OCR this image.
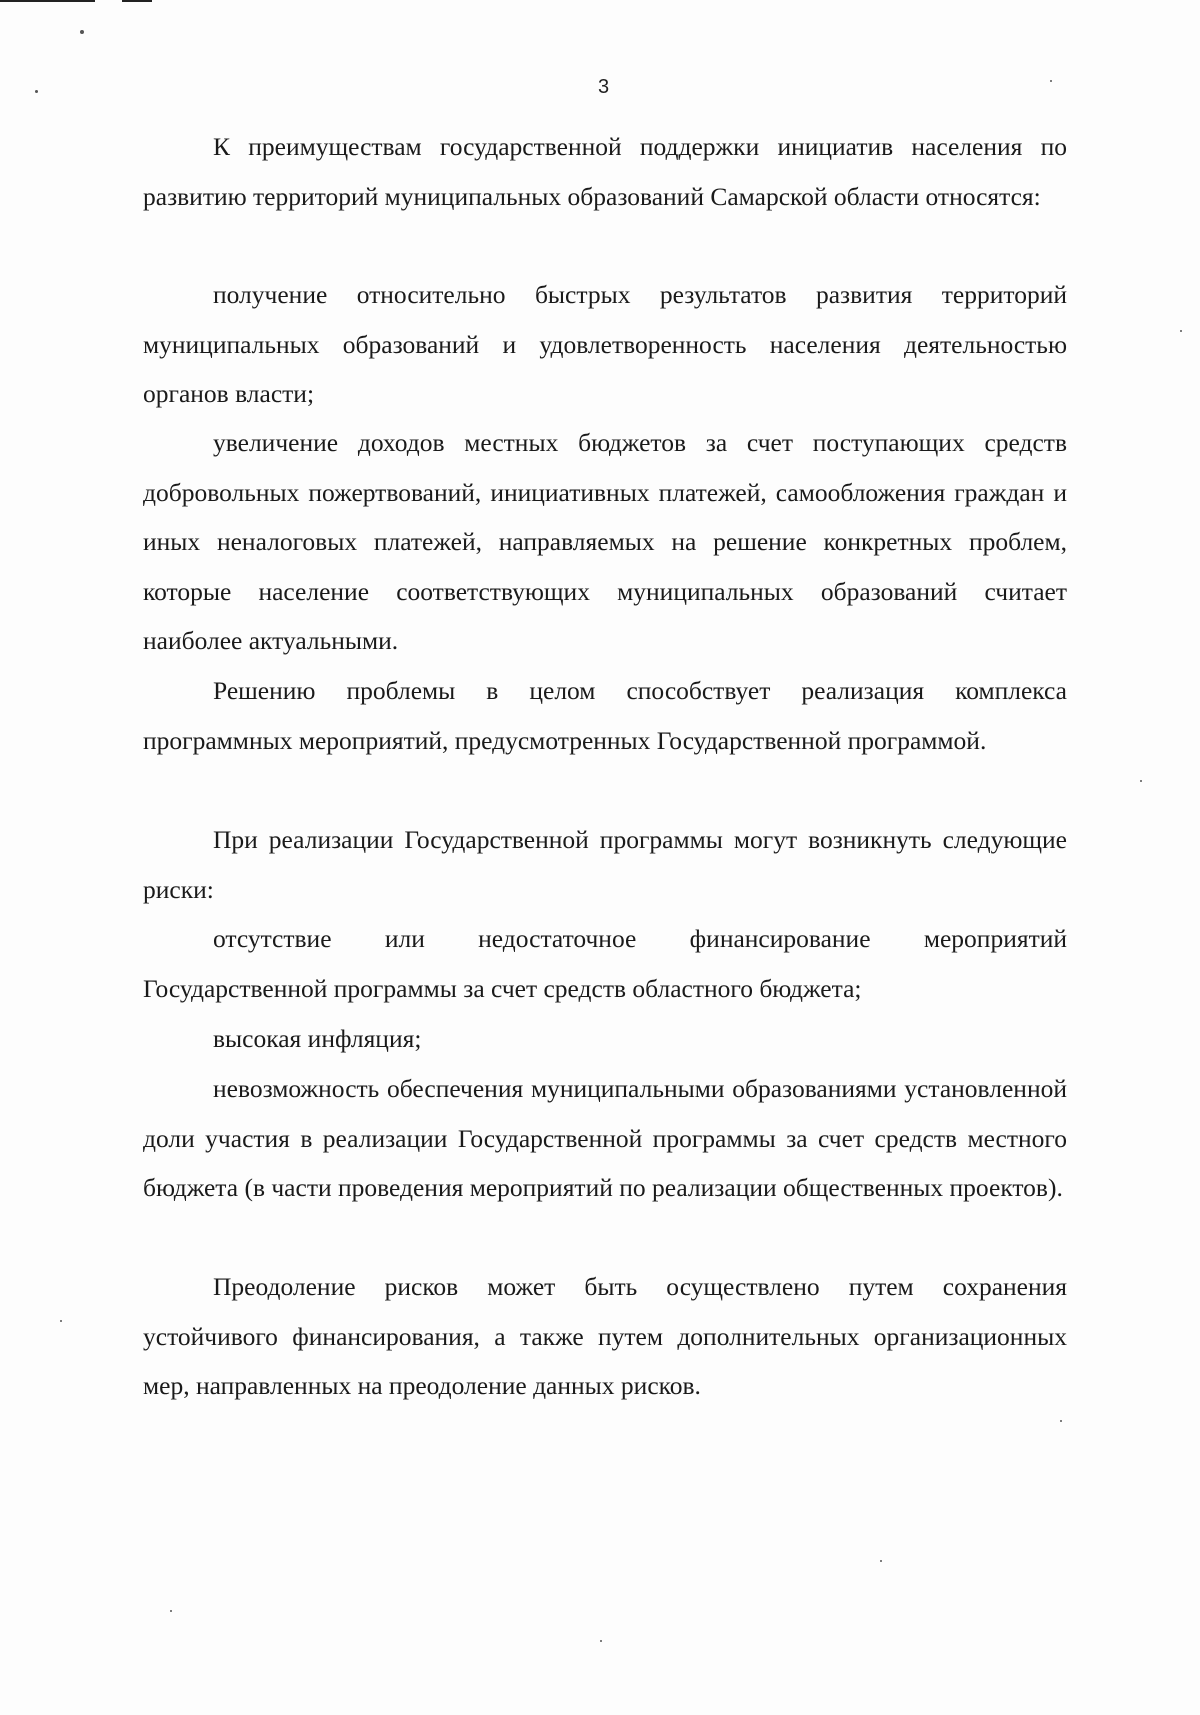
3

К преимуществам государственной поддержки инициатив населения по развитию территорий муниципальных образований Самарской области относятся:

получение относительно быстрых результатов развития территорий муниципальных образований и удовлетворенность населения деятельностью органов власти;

увеличение доходов местных бюджетов за счет поступающих средств добровольных пожертвований, инициативных платежей, самообложения граждан и иных неналоговых платежей, направляемых на решение конкретных проблем, которые население соответствующих муниципальных образований считает наиболее актуальными.

Решению проблемы в целом способствует реализация комплекса программных мероприятий, предусмотренных Государственной программой.

При реализации Государственной программы могут возникнуть следующие риски:

отсутствие или недостаточное финансирование мероприятий Государственной программы за счет средств областного бюджета;

высокая инфляция;

невозможность обеспечения муниципальными образованиями установленной доли участия в реализации Государственной программы за счет средств местного бюджета (в части проведения мероприятий по реализации общественных проектов).

Преодоление рисков может быть осуществлено путем сохранения устойчивого финансирования, а также путем дополнительных организационных мер, направленных на преодоление данных рисков.
